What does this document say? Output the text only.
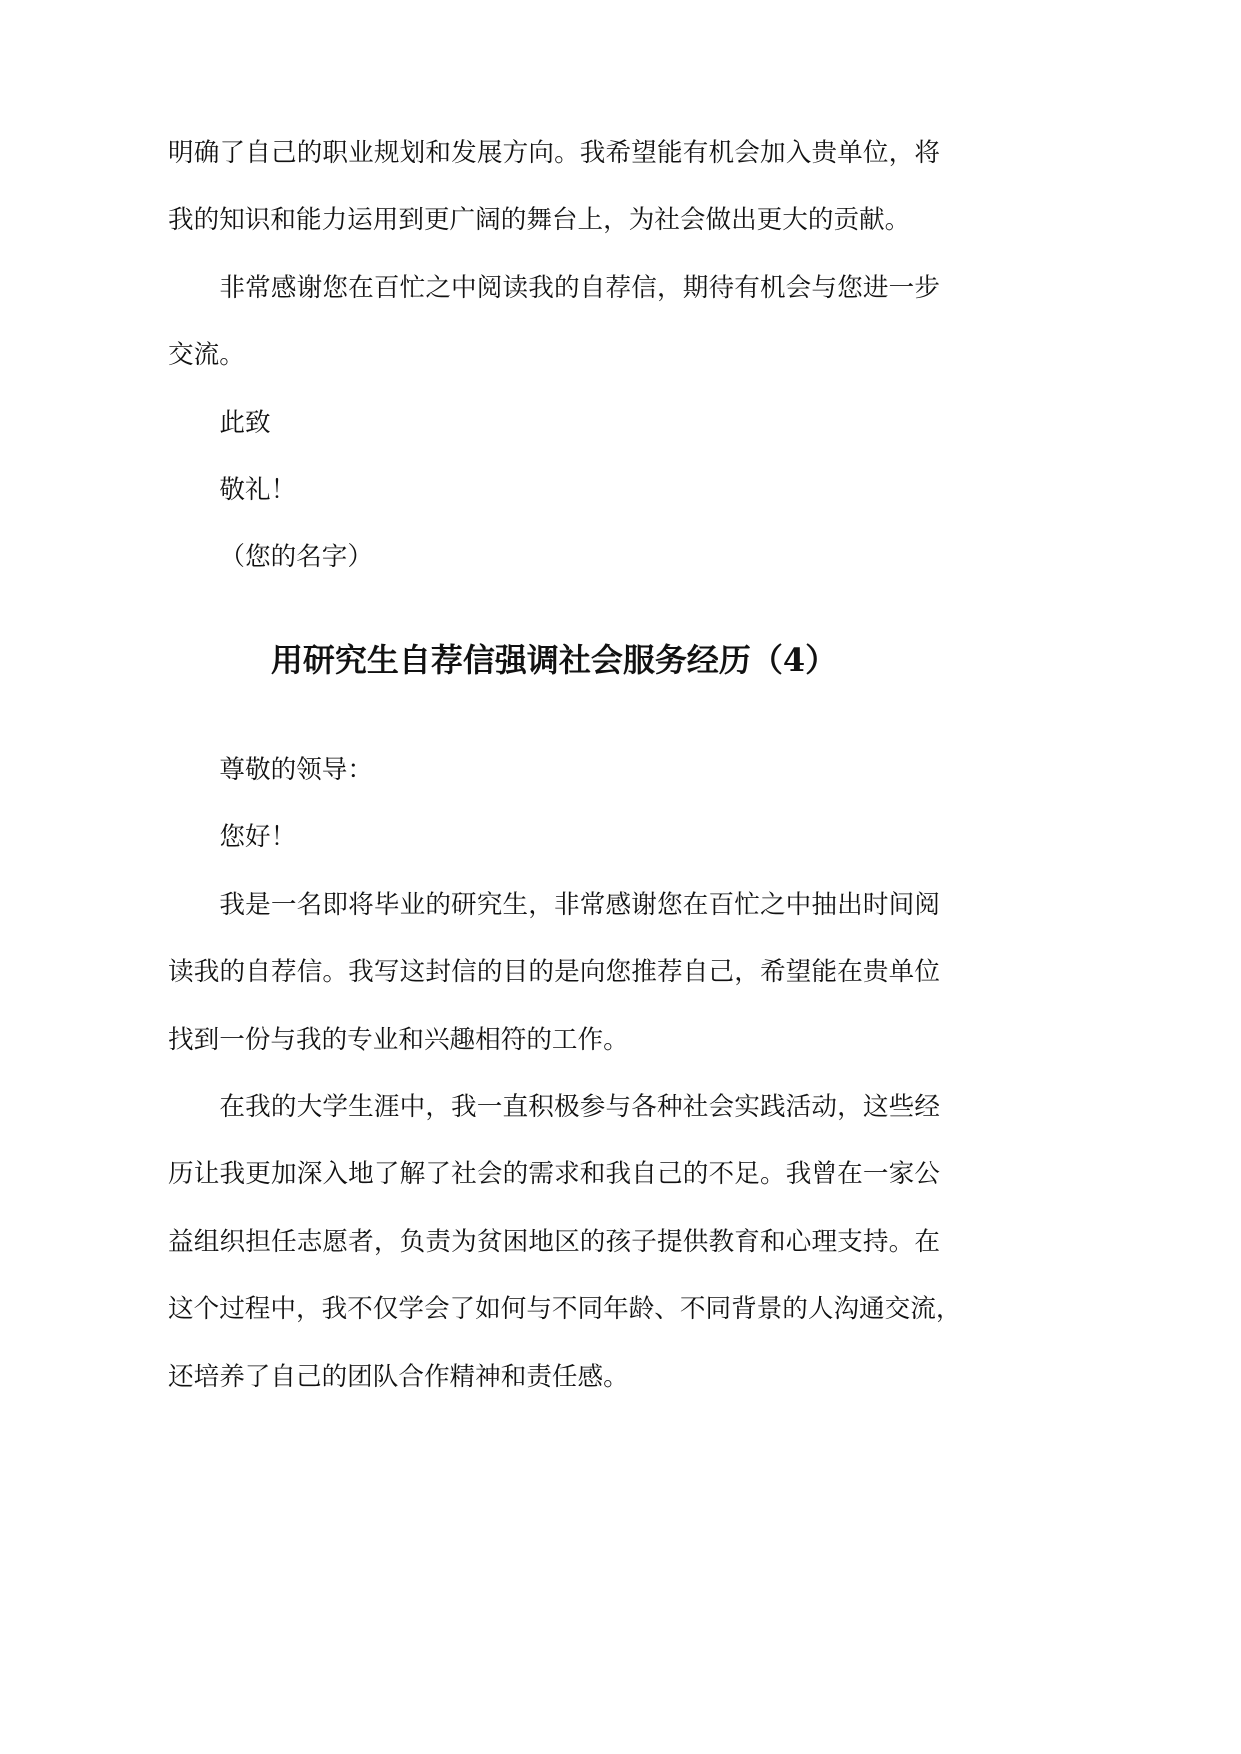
明确了自己的职业规划和发展方向。我希望能有机会加入贵单位，将
我的知识和能力运用到更广阔的舞台上，为社会做出更大的贡献。
非常感谢您在百忙之中阅读我的自荐信，期待有机会与您进一步
交流。
此致
敬礼！
（您的名字）
用研究生自荐信强调社会服务经历（4）
尊敬的领导：
您好！
我是一名即将毕业的研究生，非常感谢您在百忙之中抽出时间阅
读我的自荐信。我写这封信的目的是向您推荐自己，希望能在贵单位
找到一份与我的专业和兴趣相符的工作。
在我的大学生涯中，我一直积极参与各种社会实践活动，这些经
历让我更加深入地了解了社会的需求和我自己的不足。我曾在一家公
益组织担任志愿者，负责为贫困地区的孩子提供教育和心理支持。在
这个过程中，我不仅学会了如何与不同年龄、不同背景的人沟通交流，
还培养了自己的团队合作精神和责任感。
